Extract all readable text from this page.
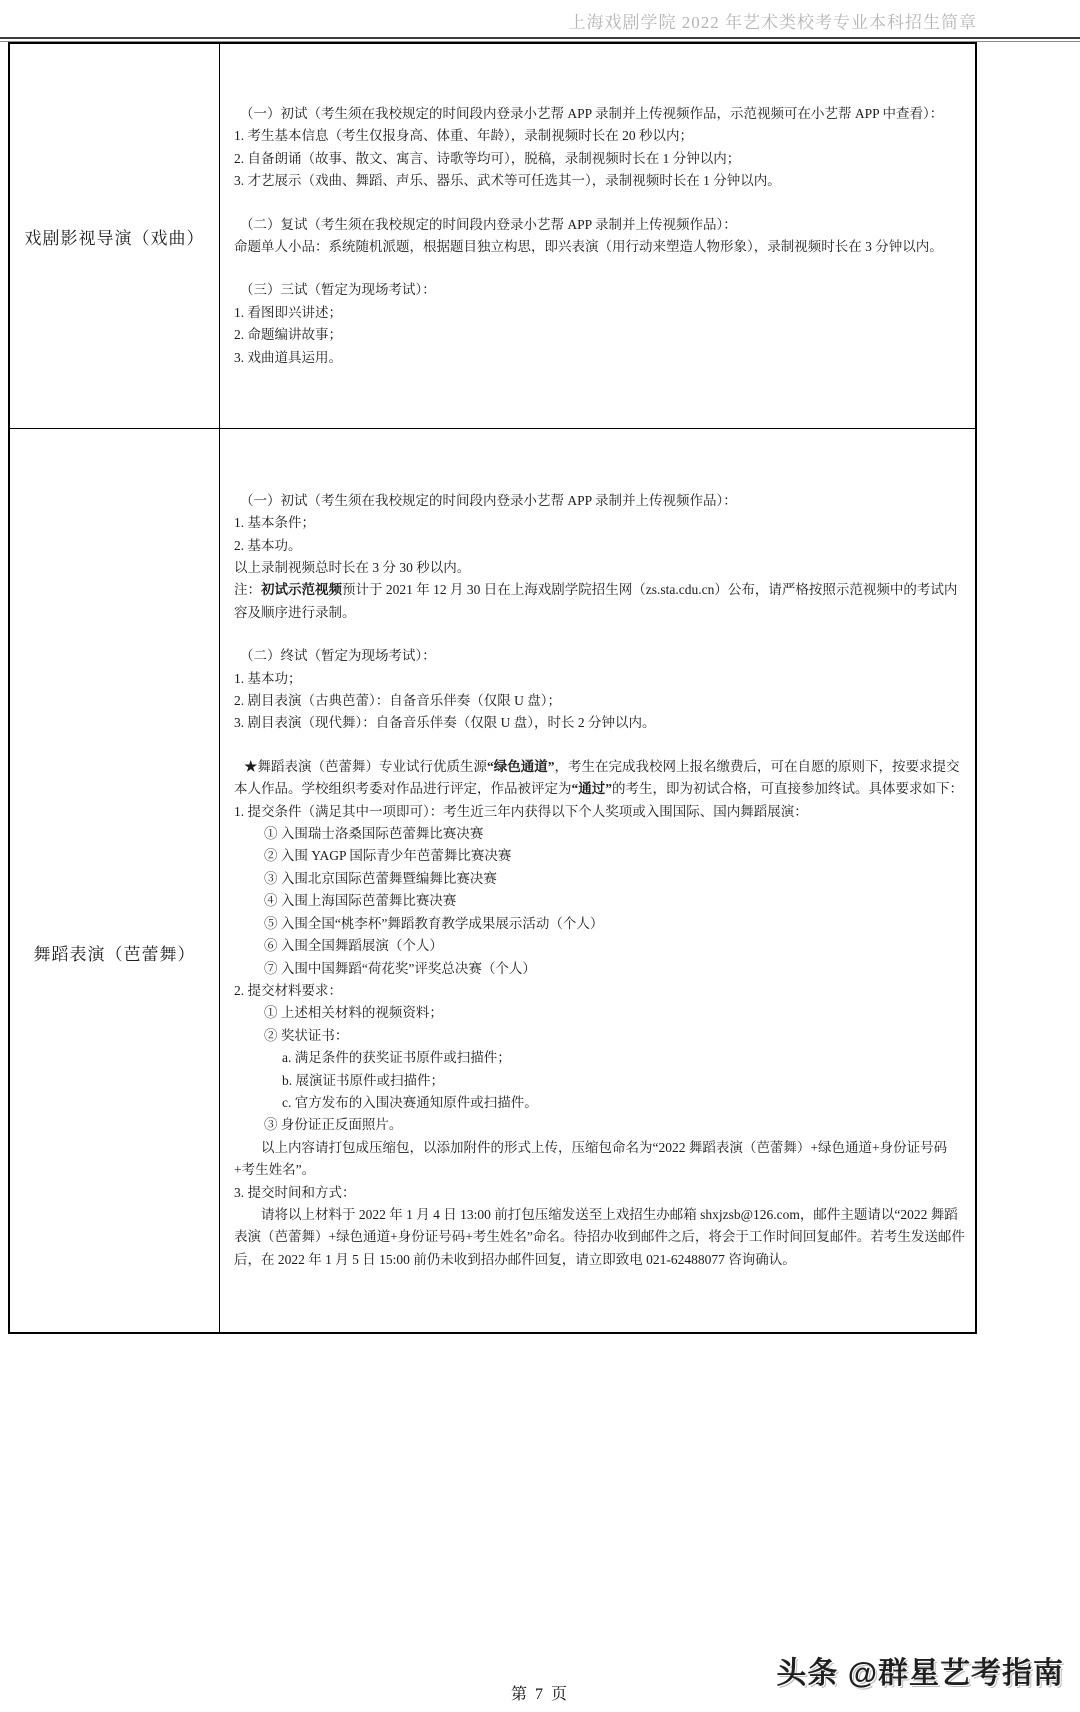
上海戏剧学院 2022 年艺术类校考专业本科招生简章
戏剧影视导演（戏曲）

（一）初试（考生须在我校规定的时间段内登录小艺帮 APP 录制并上传视频作品，示范视频可在小艺帮 APP 中查看）：

1. 考生基本信息（考生仅报身高、体重、年龄），录制视频时长在 20 秒以内；

2. 自备朗诵（故事、散文、寓言、诗歌等均可），脱稿，录制视频时长在 1 分钟以内；

3. 才艺展示（戏曲、舞蹈、声乐、器乐、武术等可任选其一），录制视频时长在 1 分钟以内。

（二）复试（考生须在我校规定的时间段内登录小艺帮 APP 录制并上传视频作品）：

命题单人小品：系统随机派题，根据题目独立构思，即兴表演（用行动来塑造人物形象），录制视频时长在 3 分钟以内。

（三）三试（暂定为现场考试）：

1. 看图即兴讲述；

2. 命题编讲故事；

3. 戏曲道具运用。

舞蹈表演（芭蕾舞）

（一）初试（考生须在我校规定的时间段内登录小艺帮 APP 录制并上传视频作品）：

1. 基本条件；

2. 基本功。

以上录制视频总时长在 3 分 30 秒以内。

注：初试示范视频预计于 2021 年 12 月 30 日在上海戏剧学院招生网（zs.sta.cdu.cn）公布，请严格按照示范视频中的考试内容及顺序进行录制。

（二）终试（暂定为现场考试）：

1. 基本功；

2. 剧目表演（古典芭蕾）：自备音乐伴奏（仅限 U 盘）；

3. 剧目表演（现代舞）：自备音乐伴奏（仅限 U 盘），时长 2 分钟以内。

★舞蹈表演（芭蕾舞）专业试行优质生源“绿色通道”，考生在完成我校网上报名缴费后，可在自愿的原则下，按要求提交本人作品。学校组织考委对作品进行评定，作品被评定为“通过”的考生，即为初试合格，可直接参加终试。具体要求如下：

1. 提交条件（满足其中一项即可）：考生近三年内获得以下个人奖项或入围国际、国内舞蹈展演：

① 入围瑞士洛桑国际芭蕾舞比赛决赛

② 入围 YAGP 国际青少年芭蕾舞比赛决赛

③ 入围北京国际芭蕾舞暨编舞比赛决赛

④ 入围上海国际芭蕾舞比赛决赛

⑤ 入围全国“桃李杯”舞蹈教育教学成果展示活动（个人）

⑥ 入围全国舞蹈展演（个人）

⑦ 入围中国舞蹈“荷花奖”评奖总决赛（个人）

2. 提交材料要求：

① 上述相关材料的视频资料；

② 奖状证书：

a. 满足条件的获奖证书原件或扫描件；

b. 展演证书原件或扫描件；

c. 官方发布的入围决赛通知原件或扫描件。

③ 身份证正反面照片。

以上内容请打包成压缩包，以添加附件的形式上传，压缩包命名为“2022 舞蹈表演（芭蕾舞）+绿色通道+身份证号码+考生姓名”。

3. 提交时间和方式：

请将以上材料于 2022 年 1 月 4 日 13:00 前打包压缩发送至上戏招生办邮箱 shxjzsb@126.com，邮件主题请以“2022 舞蹈表演（芭蕾舞）+绿色通道+身份证号码+考生姓名”命名。待招办收到邮件之后，将会于工作时间回复邮件。若考生发送邮件后，在 2022 年 1 月 5 日 15:00 前仍未收到招办邮件回复，请立即致电 021-62488077 咨询确认。

第 7 页
头条 @群星艺考指南
